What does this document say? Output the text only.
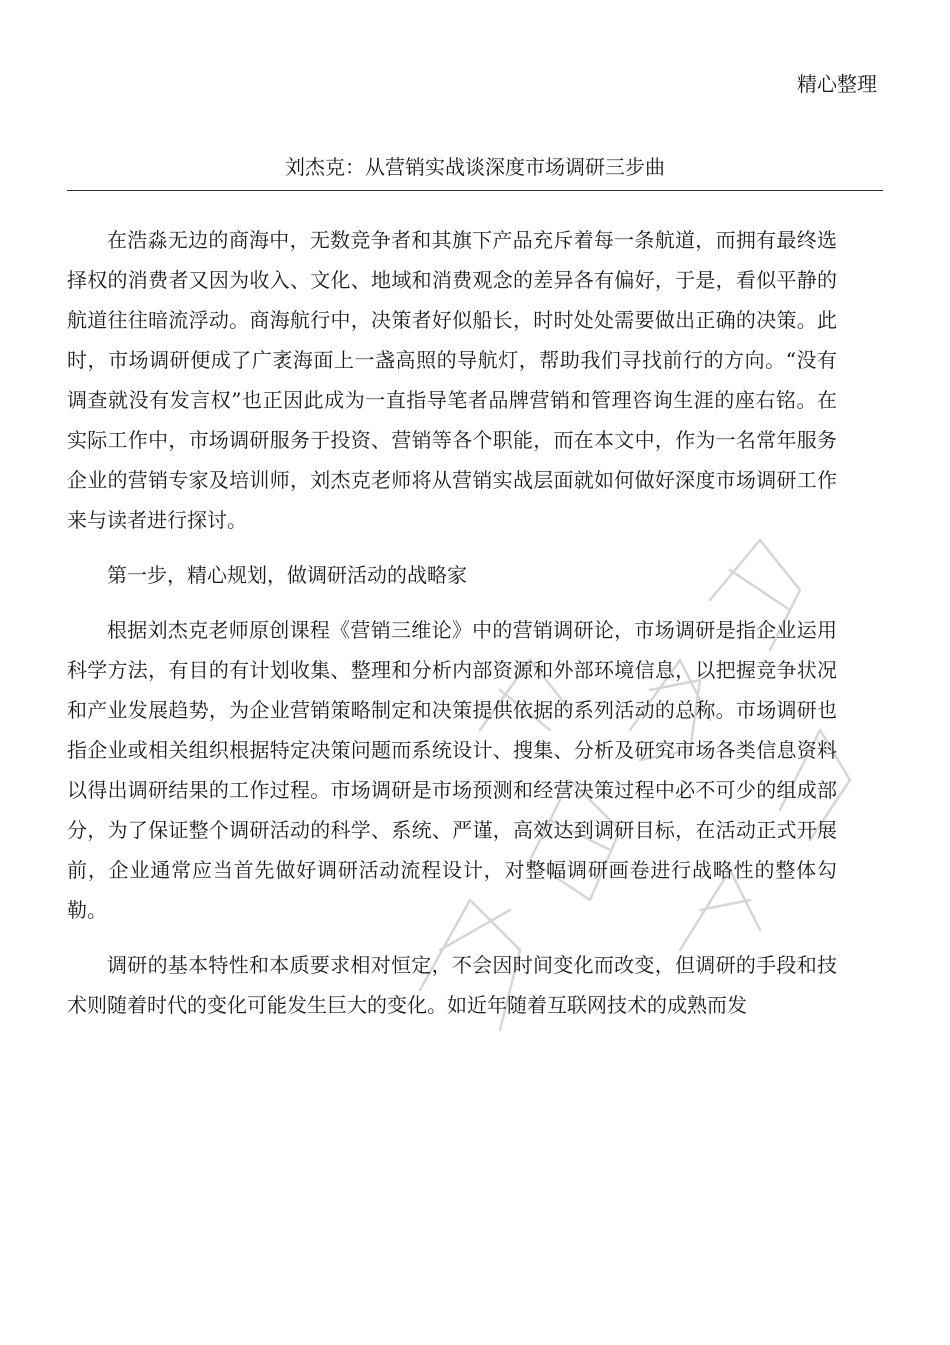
精心整理

刘杰克：从营销实战谈深度市场调研三步曲

在浩淼无边的商海中，无数竞争者和其旗下产品充斥着每一条航道，而拥有最终选择权的消费者又因为收入、文化、地域和消费观念的差异各有偏好，于是，看似平静的航道往往暗流浮动。商海航行中，决策者好似船长，时时处处需要做出正确的决策。此时，市场调研便成了广袤海面上一盏高照的导航灯，帮助我们寻找前行的方向。“没有调查就没有发言权”也正因此成为一直指导笔者品牌营销和管理咨询生涯的座右铭。在实际工作中，市场调研服务于投资、营销等各个职能，而在本文中，作为一名常年服务企业的营销专家及培训师，刘杰克老师将从营销实战层面就如何做好深度市场调研工作来与读者进行探讨。

第一步，精心规划，做调研活动的战略家

根据刘杰克老师原创课程《营销三维论》中的营销调研论，市场调研是指企业运用科学方法，有目的有计划收集、整理和分析内部资源和外部环境信息，以把握竞争状况和产业发展趋势，为企业营销策略制定和决策提供依据的系列活动的总称。市场调研也指企业或相关组织根据特定决策问题而系统设计、搜集、分析及研究市场各类信息资料以得出调研结果的工作过程。市场调研是市场预测和经营决策过程中必不可少的组成部分，为了保证整个调研活动的科学、系统、严谨，高效达到调研目标，在活动正式开展前，企业通常应当首先做好调研活动流程设计，对整幅调研画卷进行战略性的整体勾勒。

调研的基本特性和本质要求相对恒定，不会因时间变化而改变，但调研的手段和技术则随着时代的变化可能发生巨大的变化。如近年随着互联网技术的成熟而发
